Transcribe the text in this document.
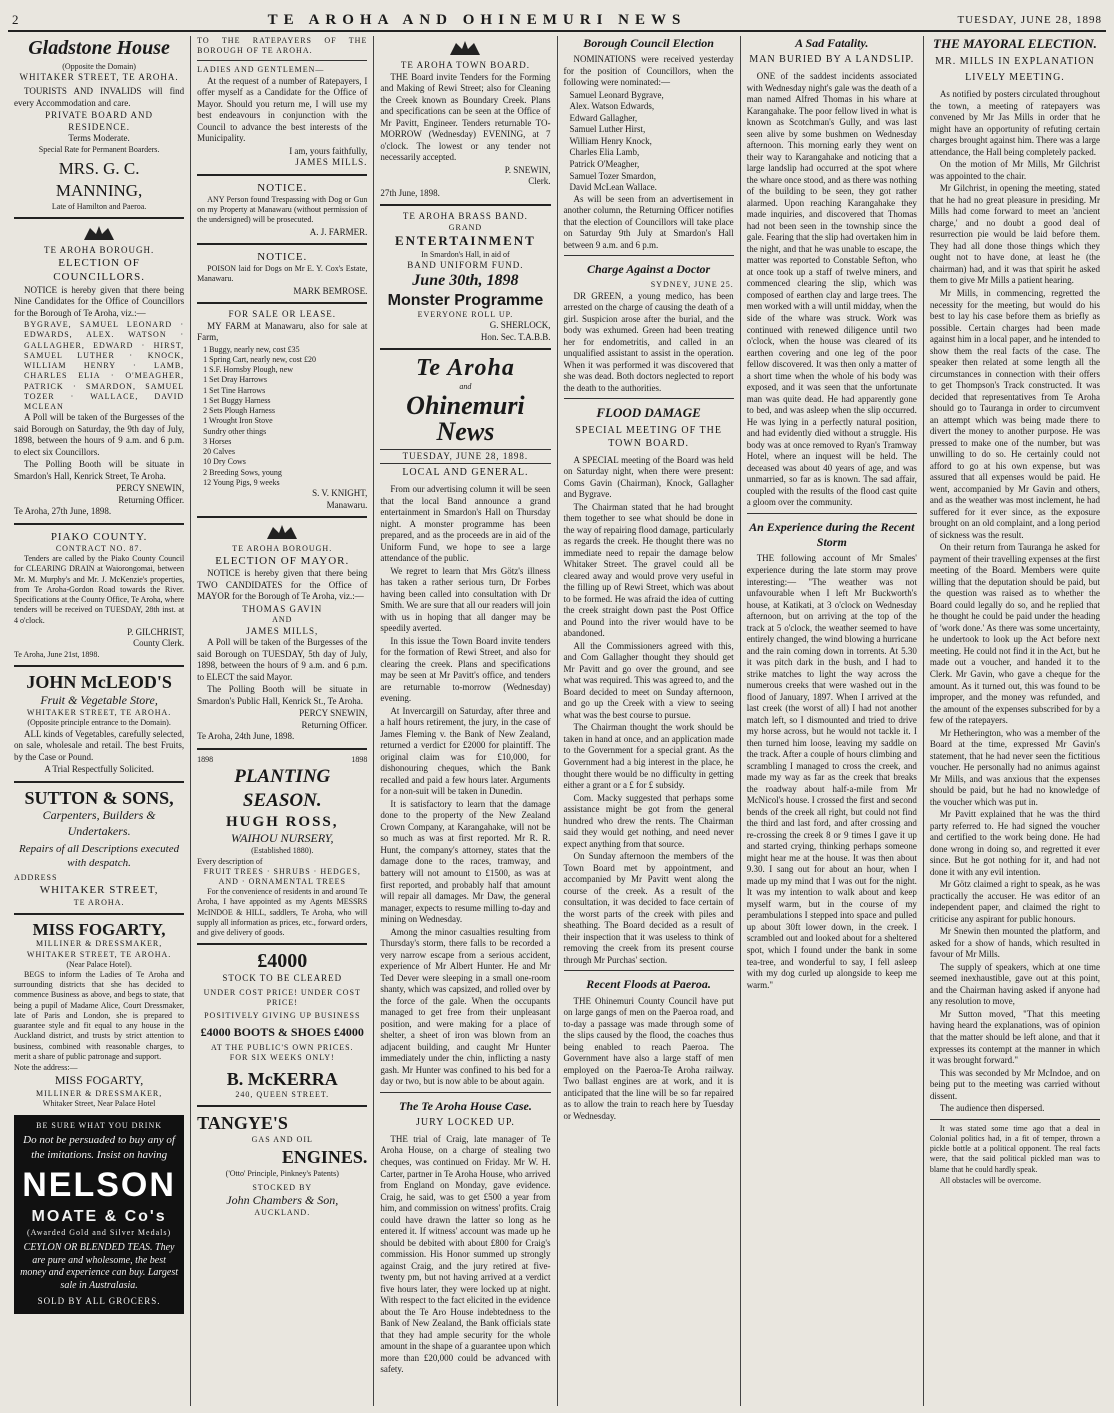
2	TE AROHA AND OHINEMURI NEWS	TUESDAY, JUNE 28, 1898
Gladstone House
(Opposite the Domain)
WHITAKER STREET, TE AROHA.
TOURISTS AND INVALIDS will find every Accommodation and care.
PRIVATE BOARD AND RESIDENCE.
Terms Moderate.
Special Rate for Permanent Boarders.
MRS. G. C. MANNING,
Late of Hamilton and Paeroa.
TE AROHA BOROUGH.
ELECTION OF COUNCILLORS.
NOTICE is hereby given that there being Nine Candidates for the Office of Councillors for the Borough of Te Aroha, viz.:—
BYGRAVE, SAMUEL LEONARD · EDWARDS, ALEX. WATSON · GALLAGHER, EDWARD · HIRST, SAMUEL LUTHER · KNOCK, WILLIAM HENRY · LAMB, CHARLES ELIA · O'MEAGHER, PATRICK · SMARDON, SAMUEL TOZER · WALLACE, DAVID MCLEAN
A Poll will be taken of the Burgesses of the said Borough on Saturday, the 9th day of July, 1898, between the hours of 9 a.m. and 6 p.m. to elect six Councillors.
The Polling Booth will be situate in Smardon's Hall, Kenrick Street, Te Aroha.
PERCY SNEWIN,
Returning Officer.
Te Aroha, 27th June, 1898.
PIAKO COUNTY.
CONTRACT NO. 87.
Tenders are called by the Piako County Council for CLEARING DRAIN at Waiorongomai, between Mr. M. Murphy's and Mr. J. McKenzie's properties, from Te Aroha-Gordon Road towards the River. Specifications at the County Office, Te Aroha, where tenders will be received on TUESDAY, 28th inst. at 4 o'clock.
P. GILCHRIST,
County Clerk.
Te Aroha, June 21st, 1898.
JOHN McLEOD'S
Fruit & Vegetable Store,
WHITAKER STREET, TE AROHA.
(Opposite principle entrance to the Domain).
ALL kinds of Vegetables, carefully selected, on sale, wholesale and retail. The best Fruits, by the Case or Pound.
A Trial Respectfully Solicited.
SUTTON & SONS,
Carpenters, Builders & Undertakers.
Repairs of all Descriptions executed with despatch.
ADDRESS
WHITAKER STREET,
TE AROHA.
MISS FOGARTY,
MILLINER & DRESSMAKER,
WHITAKER STREET, TE AROHA.
(Near Palace Hotel).
BEGS to inform the Ladies of Te Aroha and surrounding districts that she has decided to commence Business as above, and begs to state, that being a pupil of Madame Alice, Court Dressmaker, late of Paris and London, she is prepared to guarantee style and fit equal to any house in the Auckland district, and trusts by strict attention to business, combined with reasonable charges, to merit a share of public patronage and support.
Note the address:—
MISS FOGARTY,
MILLINER & DRESSMAKER,
Whitaker Street, Near Palace Hotel
BE SURE WHAT YOU DRINK
Do not be persuaded to buy any of the imitations. Insist on having
NELSON
MOATE & Co's
(Awarded Gold and Silver Medals)
CEYLON OR BLENDED TEAS. They are pure and wholesome, the best money and experience can buy. Largest sale in Australasia.
SOLD BY ALL GROCERS.
TO THE RATEPAYERS OF THE BOROUGH OF TE AROHA.
LADIES AND GENTLEMEN—
At the request of a number of Ratepayers, I offer myself as a Candidate for the Office of Mayor. Should you return me, I will use my best endeavours in conjunction with the Council to advance the best interests of the Municipality.
I am, yours faithfully,
JAMES MILLS.
NOTICE.
ANY Person found Trespassing with Dog or Gun on my Property at Manawaru (without permission of the undersigned) will be prosecuted.
A. J. FARMER.
NOTICE.
POISON laid for Dogs on Mr E. Y. Cox's Estate, Manawaru.
MARK BEMROSE.
FOR SALE OR LEASE.
MY FARM at Manawaru, also for sale at Farm,
1 Buggy, nearly new, cost £35
1 Spring Cart, nearly new, cost £20
1 S.F. Hornsby Plough, new
1 Set Dray Harrows
1 Set Tine Harrows
1 Set Buggy Harness
2 Sets Plough Harness
1 Wrought Iron Stove
Sundry other things
3 Horses
20 Calves
10 Dry Cows
2 Breeding Sows, young
12 Young Pigs, 9 weeks
S. V. KNIGHT,
Manawaru.
TE AROHA BOROUGH.
ELECTION OF MAYOR.
NOTICE is hereby given that there being TWO CANDIDATES for the Office of MAYOR for the Borough of Te Aroha, viz.:—
THOMAS GAVIN
AND
JAMES MILLS,
A Poll will be taken of the Burgesses of the said Borough on TUESDAY, 5th day of July, 1898, between the hours of 9 a.m. and 6 p.m. to ELECT the said Mayor.
The Polling Booth will be situate in Smardon's Public Hall, Kenrick St., Te Aroha.
PERCY SNEWIN,
Returning Officer.
Te Aroha, 24th June, 1898.
1898	1898
PLANTING SEASON.
HUGH ROSS,
WAIHOU NURSERY,
(Established 1880).
Every description of
FRUIT TREES · SHRUBS · HEDGES, AND · ORNAMENTAL TREES
For the convenience of residents in and around Te Aroha, I have appointed as my Agents MESSRS McINDOE & HILL, saddlers, Te Aroha, who will supply all information as prices, etc., forward orders, and give delivery of goods.
£4000
STOCK TO BE CLEARED
UNDER COST PRICE! UNDER COST PRICE!
POSITIVELY GIVING UP BUSINESS
£4000 BOOTS & SHOES £4000
AT THE PUBLIC'S OWN PRICES.
FOR SIX WEEKS ONLY!
B. McKERRA
240, QUEEN STREET.
TANGYE'S
GAS AND OIL
ENGINES.
('Otto' Principle, Pinkney's Patents)
STOCKED BY
John Chambers & Son,
AUCKLAND.
TE AROHA TOWN BOARD.
THE Board invite Tenders for the Forming and Making of Rewi Street; also for Cleaning the Creek known as Boundary Creek. Plans and specifications can be seen at the Office of Mr Pavitt, Engineer. Tenders returnable TO-MORROW (Wednesday) EVENING, at 7 o'clock. The lowest or any tender not necessarily accepted.
P. SNEWIN,
Clerk.
27th June, 1898.
TE AROHA BRASS BAND.
GRAND
ENTERTAINMENT
In Smardon's Hall, in aid of
BAND UNIFORM FUND.
June 30th, 1898
Monster Programme
EVERYONE ROLL UP.
G. SHERLOCK,
Hon. Sec. T.A.B.B.
Te Aroha
and
Ohinemuri News
TUESDAY, JUNE 28, 1898.
LOCAL AND GENERAL.
From our advertising column it will be seen that the local Band announce a grand entertainment in Smardon's Hall on Thursday night. A monster programme has been prepared, and as the proceeds are in aid of the Uniform Fund, we hope to see a large attendance of the public.
We regret to learn that Mrs Götz's illness has taken a rather serious turn, Dr Forbes having been called into consultation with Dr Smith. We are sure that all our readers will join with us in hoping that all danger may be speedily averted.
In this issue the Town Board invite tenders for the formation of Rewi Street, and also for clearing the creek. Plans and specifications may be seen at Mr Pavitt's office, and tenders are returnable to-morrow (Wednesday) evening.
At Invercargill on Saturday, after three and a half hours retirement, the jury, in the case of James Fleming v. the Bank of New Zealand, returned a verdict for £2000 for plaintiff. The original claim was for £10,000, for dishonouring cheques, which the Bank recalled and paid a few hours later. Arguments for a non-suit will be taken in Dunedin.
It is satisfactory to learn that the damage done to the property of the New Zealand Crown Company, at Karangahake, will not be so much as was at first reported. Mr R. R. Hunt, the company's attorney, states that the damage done to the races, tramway, and battery will not amount to £1500, as was at first reported, and probably half that amount will repair all damages. Mr Daw, the general manager, expects to resume milling to-day and mining on Wednesday.
Among the minor casualties resulting from Thursday's storm, there falls to be recorded a very narrow escape from a serious accident, experience of Mr Albert Hunter. He and Mr Ted Dever were sleeping in a small one-room shanty, which was capsized, and rolled over by the force of the gale. When the occupants managed to get free from their unpleasant position, and were making for a place of shelter, a sheet of iron was blown from an adjacent building, and caught Mr Hunter immediately under the chin, inflicting a nasty gash. Mr Hunter was confined to his bed for a day or two, but is now able to be about again.
The Te Aroha House Case.
JURY LOCKED UP.
THE trial of Craig, late manager of Te Aroha House, on a charge of stealing two cheques, was continued on Friday. Mr W. H. Carter, partner in Te Aroha House, who arrived from England on Monday, gave evidence. Craig, he said, was to get £500 a year from him, and commission on witness' profits. Craig could have drawn the latter so long as he entered it. If witness' account was made up he should be debited with about £800 for Craig's commission. His Honor summed up strongly against Craig, and the jury retired at five-twenty pm, but not having arrived at a verdict five hours later, they were locked up at night. With respect to the fact elicited in the evidence about the Te Aro House indebtedness to the Bank of New Zealand, the Bank officials state that they had ample security for the whole amount in the shape of a guarantee upon which more than £20,000 could be advanced with safety.
Borough Council Election
NOMINATIONS were received yesterday for the position of Councillors, when the following were nominated:—
Samuel Leonard Bygrave,
Alex. Watson Edwards,
Edward Gallagher,
Samuel Luther Hirst,
William Henry Knock,
Charles Elia Lamb,
Patrick O'Meagher,
Samuel Tozer Smardon,
David McLean Wallace.
As will be seen from an advertisement in another column, the Returning Officer notifies that the election of Councillors will take place on Saturday 9th July at Smardon's Hall between 9 a.m. and 6 p.m.
Charge Against a Doctor
SYDNEY, JUNE 25.
DR GREEN, a young medico, has been arrested on the charge of causing the death of a girl. Suspicion arose after the burial, and the body was exhumed. Green had been treating her for endometritis, and called in an unqualified assistant to assist in the operation. When it was performed it was discovered that she was dead. Both doctors neglected to report the death to the authorities.
FLOOD DAMAGE
SPECIAL MEETING OF THE TOWN BOARD.
A SPECIAL meeting of the Board was held on Saturday night, when there were present: Coms Gavin (Chairman), Knock, Gallagher and Bygrave.
The Chairman stated that he had brought them together to see what should be done in the way of repairing flood damage, particularly as regards the creek. He thought there was no immediate need to repair the damage below Whitaker Street. The gravel could all be cleared away and would prove very useful in the filling up of Rewi Street, which was about to be formed. He was afraid the idea of cutting the creek straight down past the Post Office and Pound into the river would have to be abandoned.
All the Commissioners agreed with this, and Com Gallagher thought they should get Mr Pavitt and go over the ground, and see what was required. This was agreed to, and the Board decided to meet on Sunday afternoon, and go up the Creek with a view to seeing what was the best course to pursue.
The Chairman thought the work should be taken in hand at once, and an application made to the Government for a special grant. As the Government had a big interest in the place, he thought there would be no difficulty in getting either a grant or a £ for £ subsidy.
Com. Macky suggested that perhaps some assistance might be got from the general hundred who drew the rents. The Chairman said they would get nothing, and need never expect anything from that source.
On Sunday afternoon the members of the Town Board met by appointment, and accompanied by Mr Pavitt went along the course of the creek. As a result of the consultation, it was decided to face certain of the worst parts of the creek with piles and sheathing. The Board decided as a result of their inspection that it was useless to think of removing the creek from its present course through Mr Purchas' section.
Recent Floods at Paeroa.
THE Ohinemuri County Council have put on large gangs of men on the Paeroa road, and to-day a passage was made through some of the slips caused by the flood, the coaches thus being enabled to reach Paeroa. The Government have also a large staff of men employed on the Paeroa-Te Aroha railway. Two ballast engines are at work, and it is anticipated that the line will be so far repaired as to allow the train to reach here by Tuesday or Wednesday.
A Sad Fatality.
MAN BURIED BY A LANDSLIP.
ONE of the saddest incidents associated with Wednesday night's gale was the death of a man named Alfred Thomas in his whare at Karangahake. The poor fellow lived in what is known as Scotchman's Gully, and was last seen alive by some bushmen on Wednesday afternoon. This morning early they went on their way to Karangahake and noticing that a large landslip had occurred at the spot where the whare once stood, and as there was nothing of the building to be seen, they got rather alarmed. Upon reaching Karangahake they made inquiries, and discovered that Thomas had not been seen in the township since the gale. Fearing that the slip had overtaken him in the night, and that he was unable to escape, the matter was reported to Constable Sefton, who at once took up a staff of twelve miners, and commenced clearing the slip, which was composed of earthen clay and large trees. The men worked with a will until midday, when the side of the whare was struck. Work was continued with renewed diligence until two o'clock, when the house was cleared of its earthen covering and one leg of the poor fellow discovered. It was then only a matter of a short time when the whole of his body was exposed, and it was seen that the unfortunate man was quite dead. He had apparently gone to bed, and was asleep when the slip occurred. He was lying in a perfectly natural position, and had evidently died without a struggle. His body was at once removed to Ryan's Tramway Hotel, where an inquest will be held. The deceased was about 40 years of age, and was unmarried, so far as is known. The sad affair, coupled with the results of the flood cast quite a gloom over the community.
An Experience during the Recent Storm
THE following account of Mr Smales' experience during the late storm may prove interesting:— "The weather was not unfavourable when I left Mr Buckworth's house, at Katikati, at 3 o'clock on Wednesday afternoon, but on arriving at the top of the track at 5 o'clock, the weather seemed to have entirely changed, the wind blowing a hurricane and the rain coming down in torrents. At 5.30 it was pitch dark in the bush, and I had to strike matches to light the way across the numerous creeks that were washed out in the flood of January, 1897. When I arrived at the last creek (the worst of all) I had not another match left, so I dismounted and tried to drive my horse across, but he would not tackle it. I then turned him loose, leaving my saddle on the track. After a couple of hours climbing and scrambling I managed to cross the creek, and made my way as far as the creek that breaks the roadway about half-a-mile from Mr McNicol's house. I crossed the first and second bends of the creek all right, but could not find the third and last ford, and after crossing and re-crossing the creek 8 or 9 times I gave it up and started crying, thinking perhaps someone might hear me at the house. It was then about 9.30. I sang out for about an hour, when I made up my mind that I was out for the night. It was my intention to walk about and keep myself warm, but in the course of my perambulations I stepped into space and pulled up about 30ft lower down, in the creek. I scrambled out and looked about for a sheltered spot, which I found under the bank in some tea-tree, and wonderful to say, I fell asleep with my dog curled up alongside to keep me warm."
THE MAYORAL ELECTION.
MR. MILLS IN EXPLANATION
LIVELY MEETING.
As notified by posters circulated throughout the town, a meeting of ratepayers was convened by Mr Jas Mills in order that he might have an opportunity of refuting certain charges brought against him. There was a large attendance, the Hall being completely packed.
On the motion of Mr Mills, Mr Gilchrist was appointed to the chair.
Mr Gilchrist, in opening the meeting, stated that he had no great pleasure in presiding. Mr Mills had come forward to meet an 'ancient charge,' and no doubt a good deal of resurrection pie would be laid before them. They had all done those things which they ought not to have done, at least he (the chairman) had, and it was that spirit he asked them to give Mr Mills a patient hearing.
Mr Mills, in commencing, regretted the necessity for the meeting, but would do his best to lay his case before them as briefly as possible. Certain charges had been made against him in a local paper, and he intended to show them the real facts of the case. The speaker then related at some length all the circumstances in connection with their offers to get Thompson's Track constructed. It was decided that representatives from Te Aroha should go to Tauranga in order to circumvent an attempt which was being made there to divert the money to another purpose. He was pressed to make one of the number, but was unwilling to do so. He certainly could not afford to go at his own expense, but was assured that all expenses would be paid. He went, accompanied by Mr Gavin and others, and as the weather was most inclement, he had suffered for it ever since, as the exposure brought on an old complaint, and a long period of sickness was the result.
On their return from Tauranga he asked for payment of their travelling expenses at the first meeting of the Board. Members were quite willing that the deputation should be paid, but the question was raised as to whether the Board could legally do so, and he replied that he thought he could be paid under the heading of 'work done.' As there was some uncertainty, he undertook to look up the Act before next meeting. He could not find it in the Act, but he made out a voucher, and handed it to the Clerk. Mr Gavin, who gave a cheque for the amount. As it turned out, this was found to be improper, and the money was refunded, and the amount of the expenses subscribed for by a few of the ratepayers.
Mr Hetherington, who was a member of the Board at the time, expressed Mr Gavin's statement, that he had never seen the fictitious voucher. He personally had no animus against Mr Mills, and was anxious that the expenses should be paid, but he had no knowledge of the voucher which was put in.
Mr Pavitt explained that he was the third party referred to. He had signed the voucher and certified to the work being done. He had done wrong in doing so, and regretted it ever since. But he got nothing for it, and had not done it with any evil intention.
Mr Götz claimed a right to speak, as he was practically the accuser. He was editor of an independent paper, and claimed the right to criticise any aspirant for public honours.
Mr Snewin then mounted the platform, and asked for a show of hands, which resulted in favour of Mr Mills.
The supply of speakers, which at one time seemed inexhaustible, gave out at this point, and the Chairman having asked if anyone had any resolution to move,
Mr Sutton moved, "That this meeting having heard the explanations, was of opinion that the matter should be left alone, and that it expresses its contempt at the manner in which it was brought forward."
This was seconded by Mr McIndoe, and on being put to the meeting was carried without dissent.
The audience then dispersed.
It was stated some time ago that a deal in Colonial politics had, in a fit of temper, thrown a pickle bottle at a political opponent. The real facts were, that the said political pickled man was to blame that he could hardly speak.
All obstacles will be overcome.
